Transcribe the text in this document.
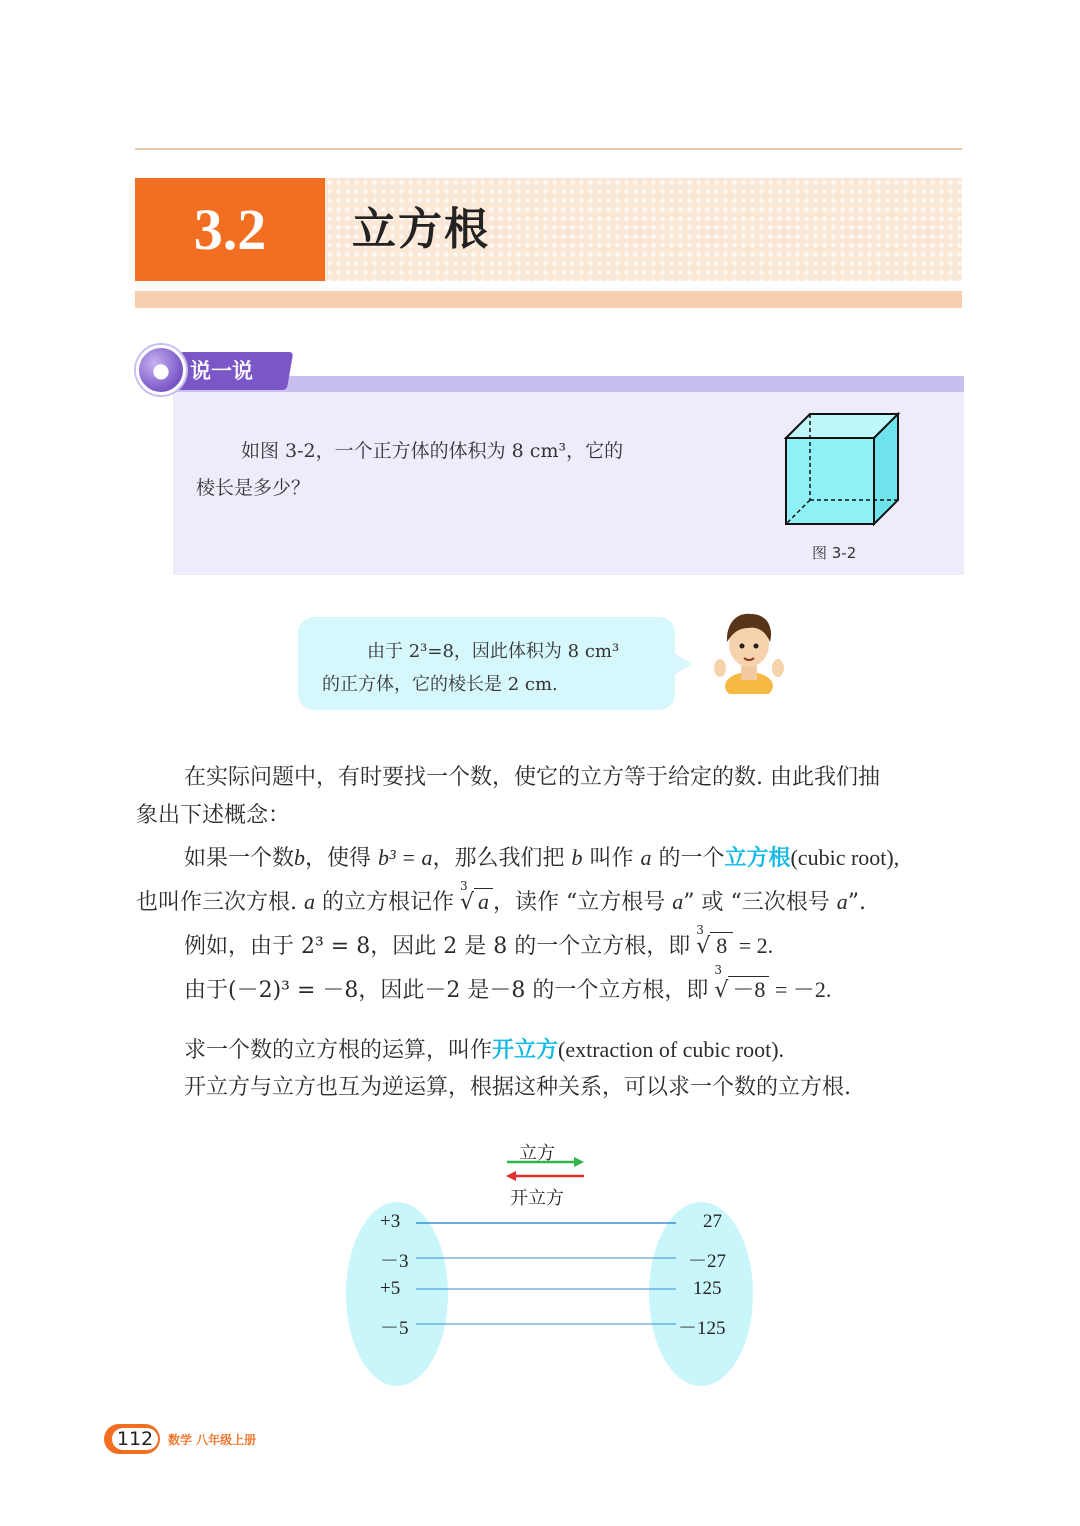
3.2	立方根
说一说
●
如图 3-2，一个正方体的体积为 8 cm³，它的
棱长是多少？
图 3-2
由于 2³=8，因此体积为 8 cm³
的正方体，它的棱长是 2 cm.
在实际问题中，有时要找一个数，使它的立方等于给定的数. 由此我们抽
象出下述概念：
如果一个数b，使得 b³ = a，那么我们把 b 叫作 a 的一个立方根(cubic root),
也叫作三次方根. a 的立方根记作
3
√ a ，读作 “立方根号 a” 或 “三次根号 a”.
例如，由于 2³ = 8，因此 2 是 8 的一个立方根，即
3
√ 8 = 2.
由于(－2)³ = －8，因此－2 是－8 的一个立方根，即
3
√ －8 = －2.
求一个数的立方根的运算，叫作开立方(extraction of cubic root).
开立方与立方也互为逆运算，根据这种关系，可以求一个数的立方根.
立方
开立方
+3
－3
+5
－5
27
－27
125
－125
112	数学 八年级上册
